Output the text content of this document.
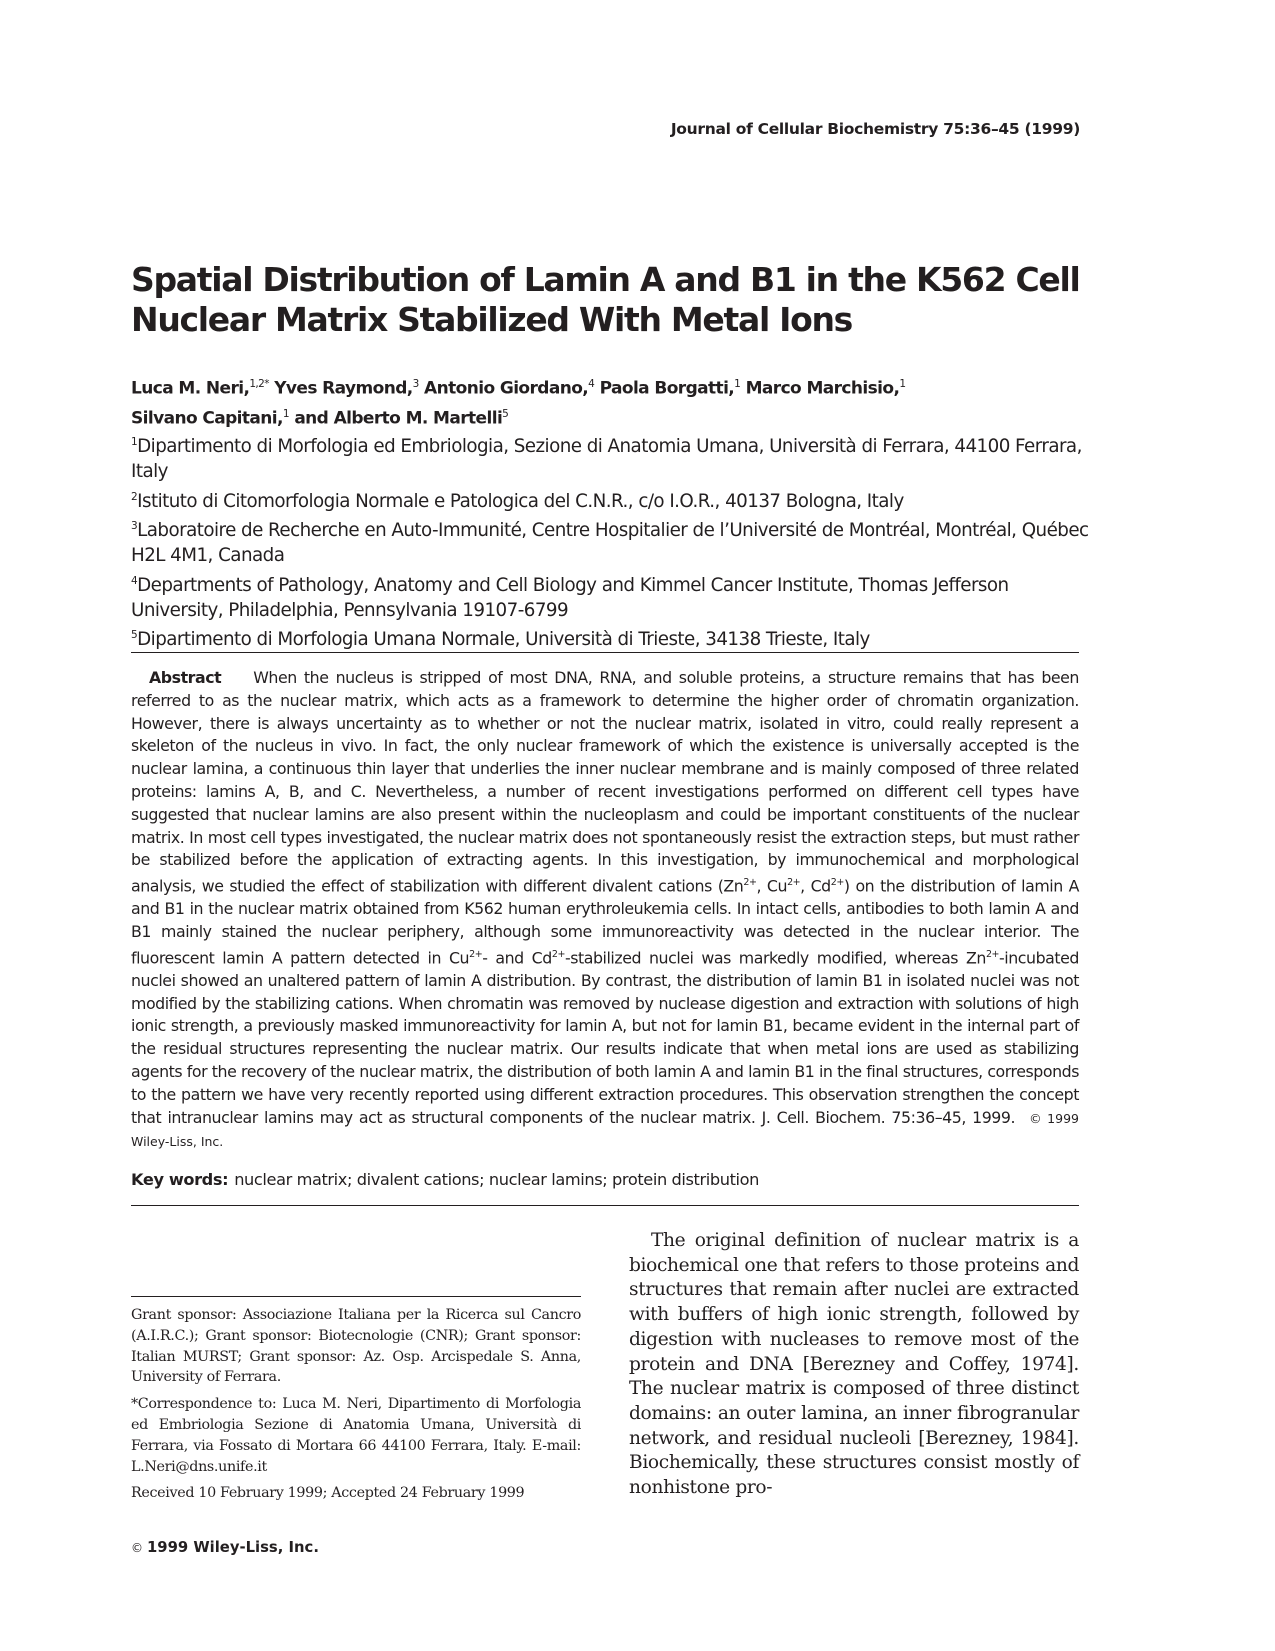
Journal of Cellular Biochemistry 75:36–45 (1999)
Spatial Distribution of Lamin A and B1 in the K562 Cell
Nuclear Matrix Stabilized With Metal Ions
Luca M. Neri,$^{1,2*}$ Yves Raymond,$^3$ Antonio Giordano,$^4$ Paola Borgatti,$^1$ Marco Marchisio,$^1$
Silvano Capitani,$^1$ and Alberto M. Martelli$^5$

$^1$Dipartimento di Morfologia ed Embriologia, Sezione di Anatomia Umana, Università di Ferrara, 44100 Ferrara, Italy

$^2$Istituto di Citomorfologia Normale e Patologica del C.N.R., c/o I.O.R., 40137 Bologna, Italy

$^3$Laboratoire de Recherche en Auto-Immunité, Centre Hospitalier de l’Université de Montréal, Montréal, Québec H2L 4M1, Canada

$^4$Departments of Pathology, Anatomy and Cell Biology and Kimmel Cancer Institute, Thomas Jefferson University, Philadelphia, Pennsylvania 19107-6799

$^5$Dipartimento di Morfologia Umana Normale, Università di Trieste, 34138 Trieste, Italy

Abstract When the nucleus is stripped of most DNA, RNA, and soluble proteins, a structure remains that has been referred to as the nuclear matrix, which acts as a framework to determine the higher order of chromatin organization. However, there is always uncertainty as to whether or not the nuclear matrix, isolated in vitro, could really represent a skeleton of the nucleus in vivo. In fact, the only nuclear framework of which the existence is universally accepted is the nuclear lamina, a continuous thin layer that underlies the inner nuclear membrane and is mainly composed of three related proteins: lamins A, B, and C. Nevertheless, a number of recent investigations performed on different cell types have suggested that nuclear lamins are also present within the nucleoplasm and could be important constituents of the nuclear matrix. In most cell types investigated, the nuclear matrix does not spontaneously resist the extraction steps, but must rather be stabilized before the application of extracting agents. In this investigation, by immunochemical and morphological analysis, we studied the effect of stabilization with different divalent cations ($Zn^{2+}$, $Cu^{2+}$, $Cd^{2+}$) on the distribution of lamin A and B1 in the nuclear matrix obtained from K562 human erythroleukemia cells. In intact cells, antibodies to both lamin A and B1 mainly stained the nuclear periphery, although some immunoreactivity was detected in the nuclear interior. The fluorescent lamin A pattern detected in $Cu^{2+}-$ and $Cd^{2+}$-stabilized nuclei was markedly modified, whereas $Zn^{2+}$-incubated nuclei showed an unaltered pattern of lamin A distribution. By contrast, the distribution of lamin B1 in isolated nuclei was not modified by the stabilizing cations. When chromatin was removed by nuclease digestion and extraction with solutions of high ionic strength, a previously masked immunoreactivity for lamin A, but not for lamin B1, became evident in the internal part of the residual structures representing the nuclear matrix. Our results indicate that when metal ions are used as stabilizing agents for the recovery of the nuclear matrix, the distribution of both lamin A and lamin B1 in the final structures, corresponds to the pattern we have very recently reported using different extraction procedures. This observation strengthen the concept that intranuclear lamins may act as structural components of the nuclear matrix. J. Cell. Biochem. 75:36–45, 1999. © 1999 Wiley-Liss, Inc.

Key words: nuclear matrix; divalent cations; nuclear lamins; protein distribution

Grant sponsor: Associazione Italiana per la Ricerca sul Cancro (A.I.R.C.); Grant sponsor: Biotecnologie (CNR); Grant sponsor: Italian MURST; Grant sponsor: Az. Osp. Arcispedale S. Anna, University of Ferrara.

*Correspondence to: Luca M. Neri, Dipartimento di Morfologia ed Embriologia Sezione di Anatomia Umana, Università di Ferrara, via Fossato di Mortara 66 44100 Ferrara, Italy. E-mail: L.Neri@dns.unife.it

Received 10 February 1999; Accepted 24 February 1999

The original definition of nuclear matrix is a biochemical one that refers to those proteins and structures that remain after nuclei are extracted with buffers of high ionic strength, followed by digestion with nucleases to remove most of the protein and DNA [Berezney and Coffey, 1974]. The nuclear matrix is composed of three distinct domains: an outer lamina, an inner fibrogranular network, and residual nucleoli [Berezney, 1984]. Biochemically, these structures consist mostly of nonhistone pro-

© 1999 Wiley-Liss, Inc.
